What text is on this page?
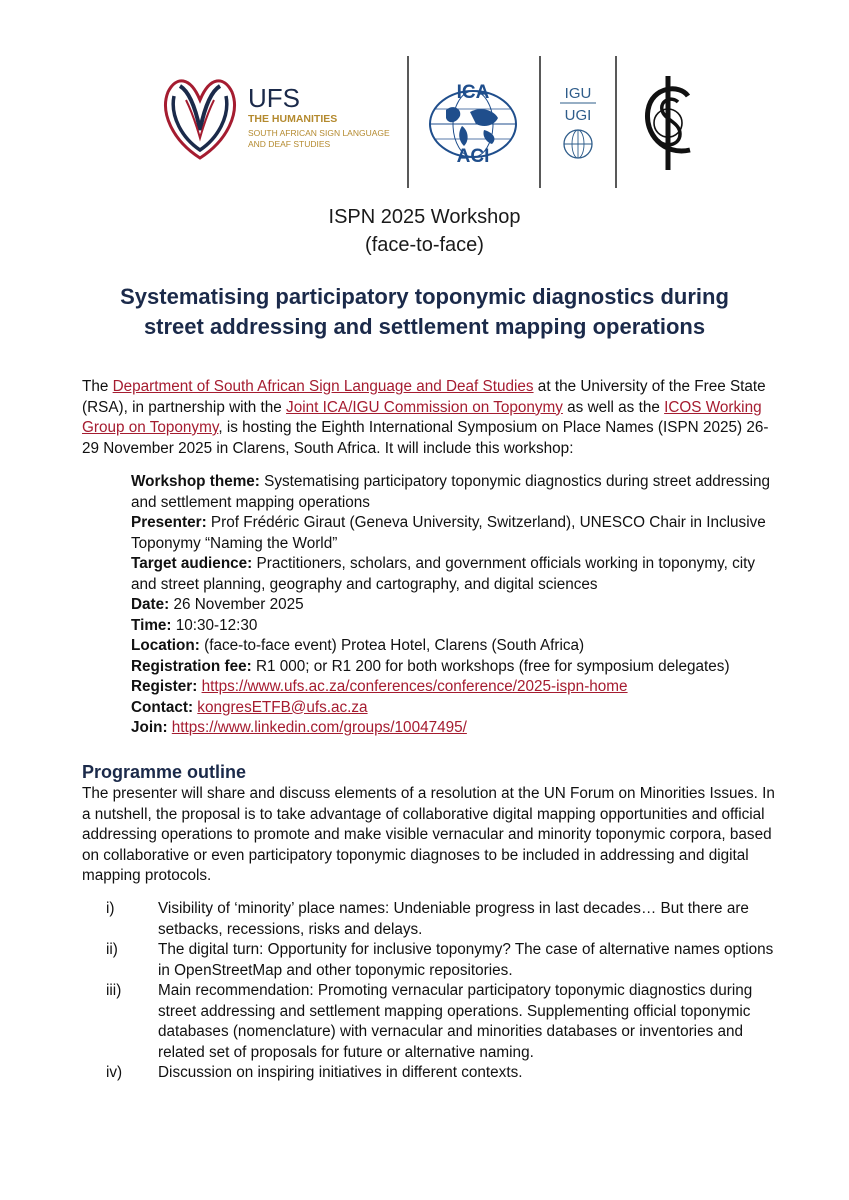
UFS
THE HUMANITIES
SOUTH AFRICAN SIGN LANGUAGE
AND DEAF STUDIES
ICA
ACI
IGU
UGI
ISPN 2025 Workshop
(face-to-face)
Systematising participatory toponymic diagnostics during
street addressing and settlement mapping operations
The Department of South African Sign Language and Deaf Studies at the University of the Free State (RSA), in partnership with the Joint ICA/IGU Commission on Toponymy as well as the ICOS Working Group on Toponymy, is hosting the Eighth International Symposium on Place Names (ISPN 2025) 26-29 November 2025 in Clarens, South Africa. It will include this workshop:

Workshop theme: Systematising participatory toponymic diagnostics during street addressing and settlement mapping operations

Presenter: Prof Frédéric Giraut (Geneva University, Switzerland), UNESCO Chair in Inclusive Toponymy “Naming the World”

Target audience: Practitioners, scholars, and government officials working in toponymy, city and street planning, geography and cartography, and digital sciences

Date: 26 November 2025

Time: 10:30-12:30

Location: (face-to-face event) Protea Hotel, Clarens (South Africa)

Registration fee: R1 000; or R1 200 for both workshops (free for symposium delegates)

Register: https://www.ufs.ac.za/conferences/conference/2025-ispn-home

Contact: kongresETFB@ufs.ac.za

Join: https://www.linkedin.com/groups/10047495/

Programme outline
The presenter will share and discuss elements of a resolution at the UN Forum on Minorities Issues. In a nutshell, the proposal is to take advantage of collaborative digital mapping opportunities and official addressing operations to promote and make visible vernacular and minority toponymic corpora, based on collaborative or even participatory toponymic diagnoses to be included in addressing and digital mapping protocols.
i)	Visibility of ‘minority’ place names: Undeniable progress in last decades… But there are setbacks, recessions, risks and delays.
ii)	The digital turn: Opportunity for inclusive toponymy? The case of alternative names options in OpenStreetMap and other toponymic repositories.
iii)	Main recommendation: Promoting vernacular participatory toponymic diagnostics during street addressing and settlement mapping operations. Supplementing official toponymic databases (nomenclature) with vernacular and minorities databases or inventories and related set of proposals for future or alternative naming.
iv)	Discussion on inspiring initiatives in different contexts.
